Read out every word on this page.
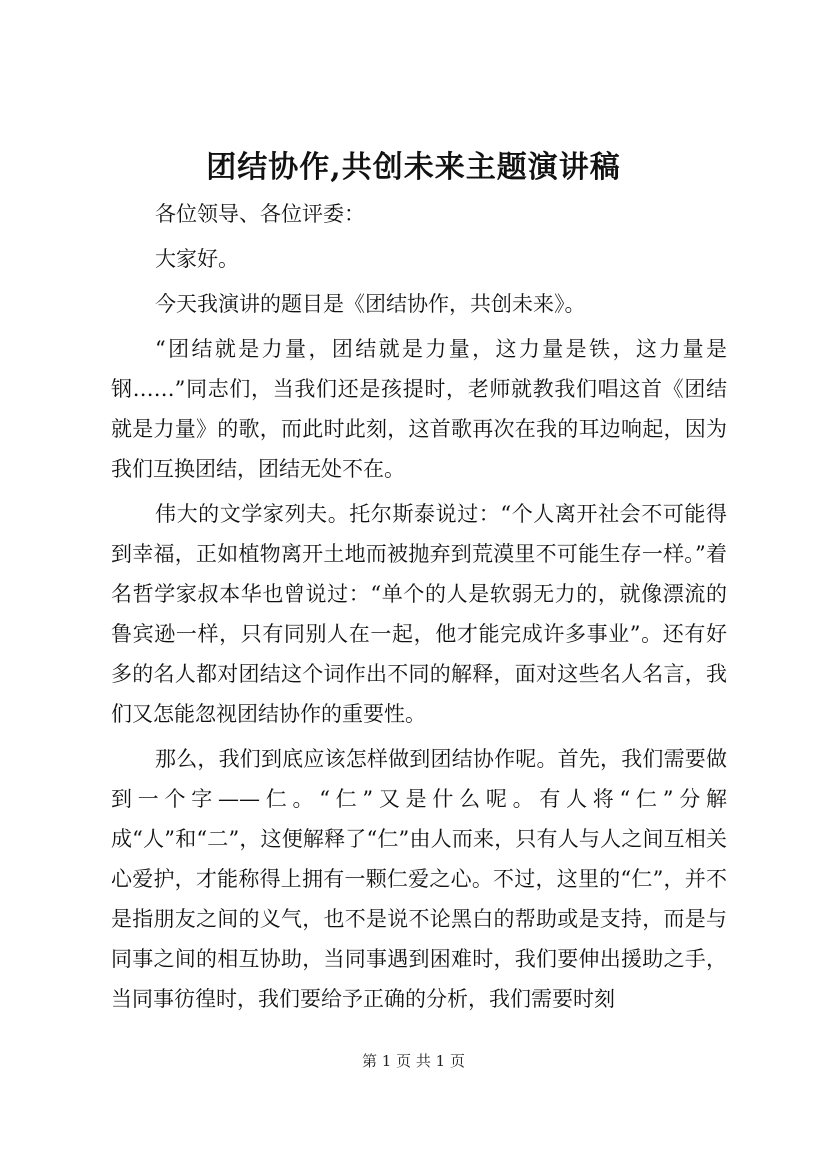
团结协作,共创未来主题演讲稿

各位领导、各位评委：

大家好。

今天我演讲的题目是《团结协作，共创未来》。

“团结就是力量，团结就是力量，这力量是铁，这力量是钢……”同志们，当我们还是孩提时，老师就教我们唱这首《团结就是力量》的歌，而此时此刻，这首歌再次在我的耳边响起，因为我们互换团结，团结无处不在。

伟大的文学家列夫。托尔斯泰说过：“个人离开社会不可能得到幸福，正如植物离开土地而被抛弃到荒漠里不可能生存一样。”着名哲学家叔本华也曾说过：“单个的人是软弱无力的，就像漂流的鲁宾逊一样，只有同别人在一起，他才能完成许多事业”。还有好多的名人都对团结这个词作出不同的解释，面对这些名人名言，我们又怎能忽视团结协作的重要性。

那么，我们到底应该怎样做到团结协作呢。首先，我们需要做到一个字——仁。“仁”又是什么呢。有人将“仁”分解成“人”和“二”，这便解释了“仁”由人而来，只有人与人之间互相关心爱护，才能称得上拥有一颗仁爱之心。不过，这里的“仁”，并不是指朋友之间的义气，也不是说不论黑白的帮助或是支持，而是与同事之间的相互协助，当同事遇到困难时，我们要伸出援助之手，当同事彷徨时，我们要给予正确的分析，我们需要时刻

第 1 页 共 1 页
